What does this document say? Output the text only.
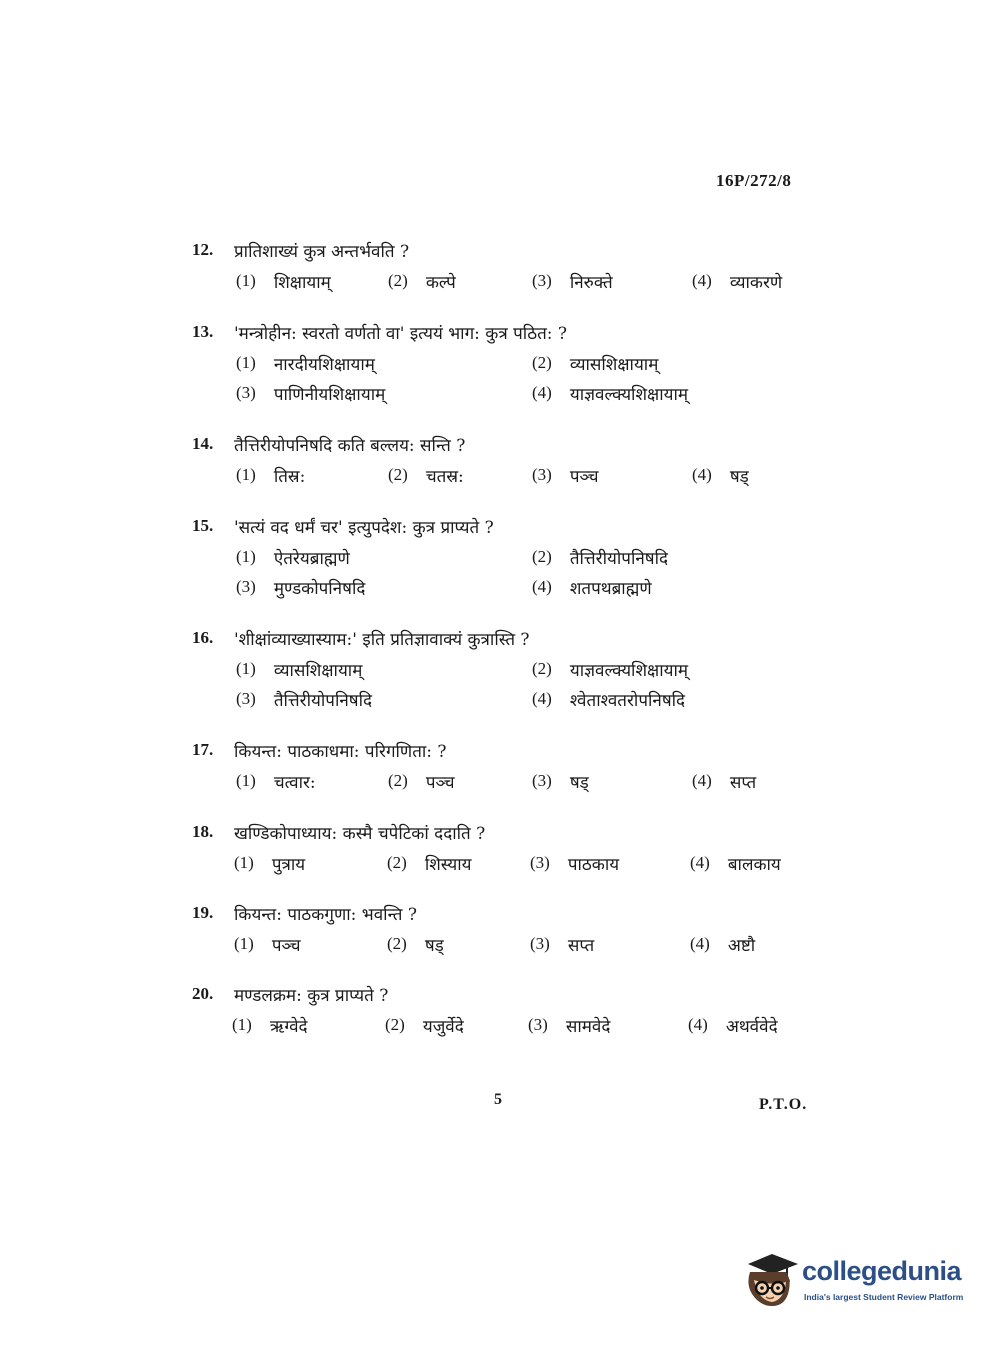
16P/272/8
12. प्रातिशाख्यं कुत्र अन्तर्भवति ?
(1) शिक्षायाम्	(2) कल्पे	(3) निरुक्ते	(4) व्याकरणे
13. 'मन्त्रोहीन: स्वरतो वर्णतो वा' इत्ययं भाग: कुत्र पठित: ?
(1) नारदीयशिक्षायाम्	(2) व्यासशिक्षायाम्
(3) पाणिनीयशिक्षायाम्	(4) याज्ञवल्क्यशिक्षायाम्
14. तैत्तिरीयोपनिषदि कति बल्लय: सन्ति ?
(1) तिस्र:	(2) चतस्र:	(3) पञ्च	(4) षड्
15. 'सत्यं वद धर्मं चर' इत्युपदेश: कुत्र प्राप्यते ?
(1) ऐतरेयब्राह्मणे	(2) तैत्तिरीयोपनिषदि
(3) मुण्डकोपनिषदि	(4) शतपथब्राह्मणे
16. 'शीक्षांव्याख्यास्याम:' इति प्रतिज्ञावाक्यं कुत्रास्ति ?
(1) व्यासशिक्षायाम्	(2) याज्ञवल्क्यशिक्षायाम्
(3) तैत्तिरीयोपनिषदि	(4) श्वेताश्वतरोपनिषदि
17. कियन्त: पाठकाधमा: परिगणिता: ?
(1) चत्वार:	(2) पञ्च	(3) षड्	(4) सप्त
18. खण्डिकोपाध्याय: कस्मै चपेटिकां ददाति ?
(1) पुत्राय	(2) शिस्याय	(3) पाठकाय	(4) बालकाय
19. कियन्त: पाठकगुणा: भवन्ति ?
(1) पञ्च	(2) षड्	(3) सप्त	(4) अष्टौ
20. मण्डलक्रम: कुत्र प्राप्यते ?
(1) ऋग्वेदे	(2) यजुर्वेदे	(3) सामवेदे	(4) अथर्ववेदे
5	P.T.O.
collegedunia
India's largest Student Review Platform
